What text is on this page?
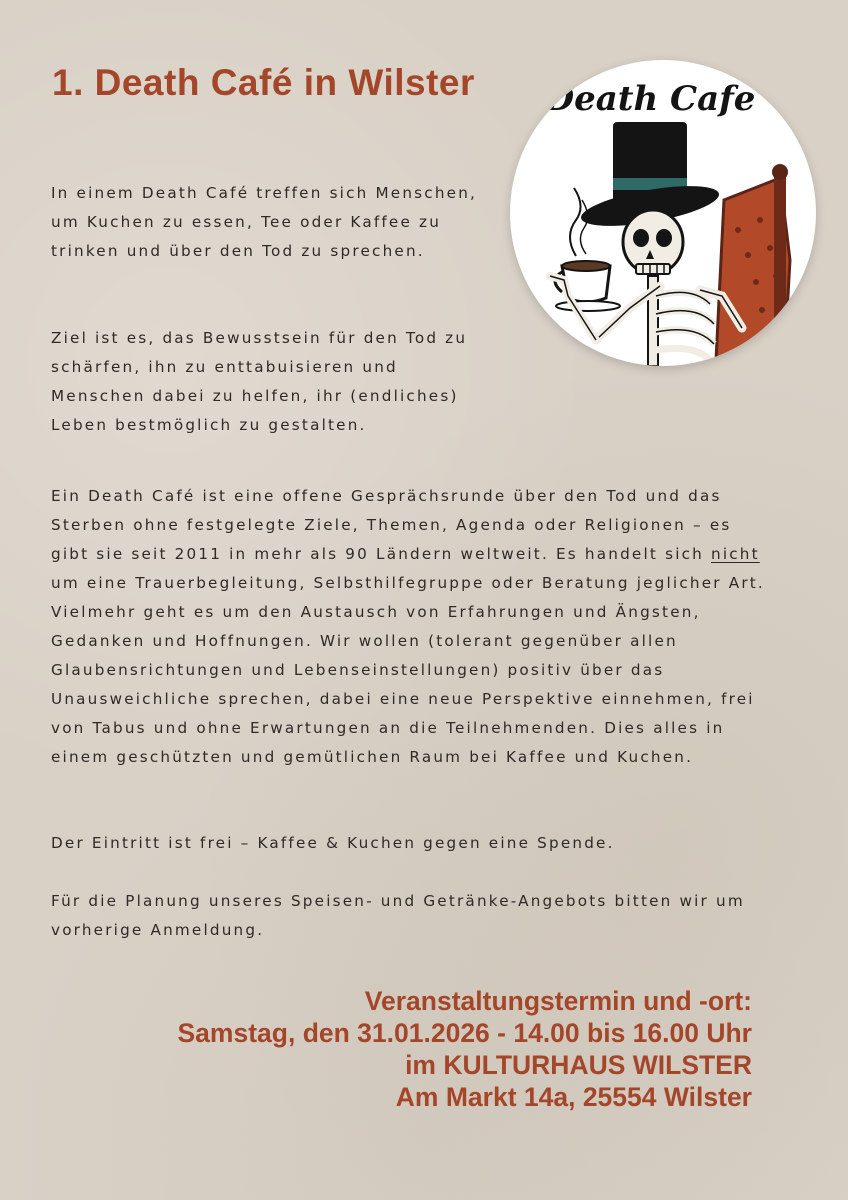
1. Death Café in Wilster Death Cafe

In einem Death Café treffen sich Menschen, um Kuchen zu essen, Tee oder Kaffee zu trinken und über den Tod zu sprechen.

Ziel ist es, das Bewusstsein für den Tod zu schärfen, ihn zu enttabuisieren und Menschen dabei zu helfen, ihr (endliches) Leben bestmöglich zu gestalten.

Ein Death Café ist eine offene Gesprächsrunde über den Tod und das Sterben ohne festgelegte Ziele, Themen, Agenda oder Religionen – es gibt sie seit 2011 in mehr als 90 Ländern weltweit. Es handelt sich nicht um eine Trauerbegleitung, Selbsthilfegruppe oder Beratung jeglicher Art. Vielmehr geht es um den Austausch von Erfahrungen und Ängsten, Gedanken und Hoffnungen. Wir wollen (tolerant gegenüber allen Glaubensrichtungen und Lebenseinstellungen) positiv über das Unausweichliche sprechen, dabei eine neue Perspektive einnehmen, frei von Tabus und ohne Erwartungen an die Teilnehmenden. Dies alles in einem geschützten und gemütlichen Raum bei Kaffee und Kuchen.

Der Eintritt ist frei – Kaffee & Kuchen gegen eine Spende.

Für die Planung unseres Speisen- und Getränke-Angebots bitten wir um vorherige Anmeldung.

Veranstaltungstermin und -ort:
Samstag, den 31.01.2026 - 14.00 bis 16.00 Uhr
im KULTURHAUS WILSTER
Am Markt 14a, 25554 Wilster
